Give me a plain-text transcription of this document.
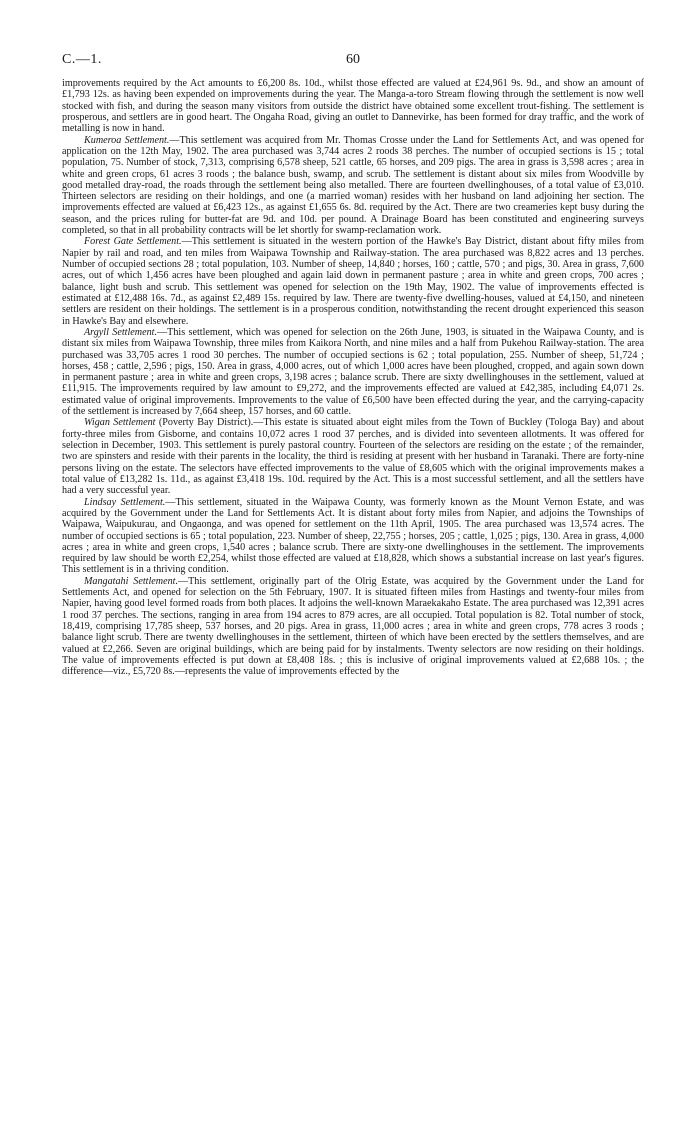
C.—1.	60

improvements required by the Act amounts to £6,200 8s. 10d., whilst those effected are valued at £24,961 9s. 9d., and show an amount of £1,793 12s. as having been expended on improvements during the year. The Manga-a-toro Stream flowing through the settlement is now well stocked with fish, and during the season many visitors from outside the district have obtained some excellent trout-fishing. The settlement is prosperous, and settlers are in good heart. The Ongaha Road, giving an outlet to Dannevirke, has been formed for dray traffic, and the work of metalling is now in hand.

Kumeroa Settlement.—This settlement was acquired from Mr. Thomas Crosse under the Land for Settlements Act, and was opened for application on the 12th May, 1902. The area purchased was 3,744 acres 2 roods 38 perches. The number of occupied sections is 15 ; total population, 75. Number of stock, 7,313, comprising 6,578 sheep, 521 cattle, 65 horses, and 209 pigs. The area in grass is 3,598 acres ; area in white and green crops, 61 acres 3 roods ; the balance bush, swamp, and scrub. The settlement is distant about six miles from Woodville by good metalled dray-road, the roads through the settlement being also metalled. There are fourteen dwellinghouses, of a total value of £3,010. Thirteen selectors are residing on their holdings, and one (a married woman) resides with her husband on land adjoining her section. The improvements effected are valued at £6,423 12s., as against £1,655 6s. 8d. required by the Act. There are two creameries kept busy during the season, and the prices ruling for butter-fat are 9d. and 10d. per pound. A Drainage Board has been constituted and engineering surveys completed, so that in all probability contracts will be let shortly for swamp-reclamation work.

Forest Gate Settlement.—This settlement is situated in the western portion of the Hawke's Bay District, distant about fifty miles from Napier by rail and road, and ten miles from Waipawa Township and Railway-station. The area purchased was 8,822 acres and 13 perches. Number of occupied sections 28 ; total population, 103. Number of sheep, 14,840 ; horses, 160 ; cattle, 570 ; and pigs, 30. Area in grass, 7,600 acres, out of which 1,456 acres have been ploughed and again laid down in permanent pasture ; area in white and green crops, 700 acres ; balance, light bush and scrub. This settlement was opened for selection on the 19th May, 1902. The value of improvements effected is estimated at £12,488 16s. 7d., as against £2,489 15s. required by law. There are twenty-five dwelling-houses, valued at £4,150, and nineteen settlers are resident on their holdings. The settlement is in a prosperous condition, notwithstanding the recent drought experienced this season in Hawke's Bay and elsewhere.

Argyll Settlement.—This settlement, which was opened for selection on the 26th June, 1903, is situated in the Waipawa County, and is distant six miles from Waipawa Township, three miles from Kaikora North, and nine miles and a half from Pukehou Railway-station. The area purchased was 33,705 acres 1 rood 30 perches. The number of occupied sections is 62 ; total population, 255. Number of sheep, 51,724 ; horses, 458 ; cattle, 2,596 ; pigs, 150. Area in grass, 4,000 acres, out of which 1,000 acres have been ploughed, cropped, and again sown down in permanent pasture ; area in white and green crops, 3,198 acres ; balance scrub. There are sixty dwellinghouses in the settlement, valued at £11,915. The improvements required by law amount to £9,272, and the improvements effected are valued at £42,385, including £4,071 2s. estimated value of original improvements. Improvements to the value of £6,500 have been effected during the year, and the carrying-capacity of the settlement is increased by 7,664 sheep, 157 horses, and 60 cattle.

Wigan Settlement (Poverty Bay District).—This estate is situated about eight miles from the Town of Buckley (Tologa Bay) and about forty-three miles from Gisborne, and contains 10,072 acres 1 rood 37 perches, and is divided into seventeen allotments. It was offered for selection in December, 1903. This settlement is purely pastoral country. Fourteen of the selectors are residing on the estate ; of the remainder, two are spinsters and reside with their parents in the locality, the third is residing at present with her husband in Taranaki. There are forty-nine persons living on the estate. The selectors have effected improvements to the value of £8,605 which with the original improvements makes a total value of £13,282 1s. 11d., as against £3,418 19s. 10d. required by the Act. This is a most successful settlement, and all the settlers have had a very successful year.

Lindsay Settlement.—This settlement, situated in the Waipawa County, was formerly known as the Mount Vernon Estate, and was acquired by the Government under the Land for Settlements Act. It is distant about forty miles from Napier, and adjoins the Townships of Waipawa, Waipukurau, and Ongaonga, and was opened for settlement on the 11th April, 1905. The area purchased was 13,574 acres. The number of occupied sections is 65 ; total population, 223. Number of sheep, 22,755 ; horses, 205 ; cattle, 1,025 ; pigs, 130. Area in grass, 4,000 acres ; area in white and green crops, 1,540 acres ; balance scrub. There are sixty-one dwellinghouses in the settlement. The improvements required by law should be worth £2,254, whilst those effected are valued at £18,828, which shows a substantial increase on last year's figures. This settlement is in a thriving condition.

Mangatahi Settlement.—This settlement, originally part of the Olrig Estate, was acquired by the Government under the Land for Settlements Act, and opened for selection on the 5th February, 1907. It is situated fifteen miles from Hastings and twenty-four miles from Napier, having good level formed roads from both places. It adjoins the well-known Maraekakaho Estate. The area purchased was 12,391 acres 1 rood 37 perches. The sections, ranging in area from 194 acres to 879 acres, are all occupied. Total population is 82. Total number of stock, 18,419, comprising 17,785 sheep, 537 horses, and 20 pigs. Area in grass, 11,000 acres ; area in white and green crops, 778 acres 3 roods ; balance light scrub. There are twenty dwellinghouses in the settlement, thirteen of which have been erected by the settlers themselves, and are valued at £2,266. Seven are original buildings, which are being paid for by instalments. Twenty selectors are now residing on their holdings. The value of improvements effected is put down at £8,408 18s. ; this is inclusive of original improvements valued at £2,688 10s. ; the difference—viz., £5,720 8s.—represents the value of improvements effected by the
